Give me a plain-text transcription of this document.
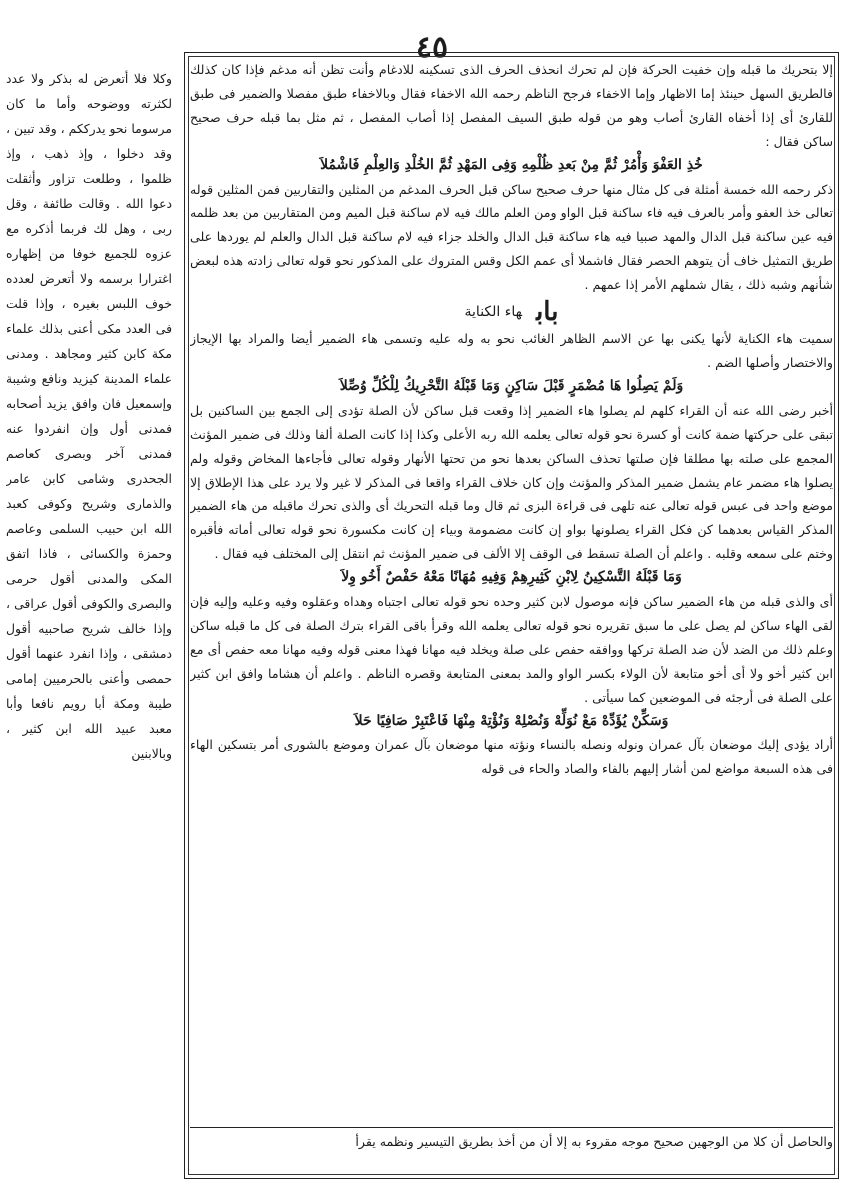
٤٥

إلا بتحريك ما قبله وإن خفيت الحركة فإن لم تحرك انحذف الحرف الذى تسكينه للادغام وأنت تظن أنه مدغم فإذا كان كذلك فالطريق السهل حينئذ إما الاظهار وإما الاخفاء فرجح الناظم رحمه الله الاخفاء فقال وبالاخفاء طبق مفصلا والضمير فى طبق للقارئ أى إذا أخفاه القارئ أصاب وهو من قوله طبق السيف المفصل إذا أصاب المفصل ، ثم مثل بما قبله حرف صحيح ساكن فقال :

خُذِ العَفْوَ وَأْمُرْ ثُمَّ مِنْ بَعدِ ظُلْمِهِ وَفِى المَهْدِ ثُمَّ الخُلْدِ وَالعِلْمِ فَاشْمُلاَ

ذكر رحمه الله خمسة أمثلة فى كل مثال منها حرف صحيح ساكن قبل الحرف المدغم من المثلين والتقاربين فمن المثلين قوله تعالى خذ العفو وأمر بالعرف فيه فاء ساكنة قبل الواو ومن العلم مالك فيه لام ساكنة قبل الميم ومن المتقاربين من بعد ظلمه فيه عين ساكنة قبل الدال والمهد صبيا فيه هاء ساكنة قبل الدال والخلد جزاء فيه لام ساكنة قبل الدال والعلم لم يوردها على طريق التمثيل خاف أن يتوهم الحصر فقال فاشملا أى عمم الكل وقس المتروك على المذكور نحو قوله تعالى زادته هذه لبعض شأنهم وشبه ذلك ، يقال شملهم الأمر إذا عمهم .

بابهاء الكناية

سميت هاء الكناية لأنها يكنى بها عن الاسم الظاهر الغائب نحو به وله عليه وتسمى هاء الضمير أيضا والمراد بها الإيجاز والاختصار وأصلها الضم .

وَلَمْ يَصِلُوا هَا مُضْمَرٍ قَبْلَ سَاكِنٍ وَمَا قَبْلَهُ التَّحْرِيكُ لِلْكُلِّ وُصِّلاَ

أخبر رضى الله عنه أن القراء كلهم لم يصلوا هاء الضمير إذا وقعت قبل ساكن لأن الصلة تؤدى إلى الجمع بين الساكنين بل تبقى على حركتها ضمة كانت أو كسرة نحو قوله تعالى يعلمه الله ربه الأعلى وكذا إذا كانت الصلة ألفا وذلك فى ضمير المؤنث المجمع على صلته بها مطلقا فإن صلتها تحذف الساكن بعدها نحو من تحتها الأنهار وقوله تعالى فأجاءها المخاض وقوله ولم يصلوا هاء مضمر عام يشمل ضمير المذكر والمؤنث وإن كان خلاف القراء واقعا فى المذكر لا غير ولا يرد على هذا الإطلاق إلا موضع واحد فى عبس قوله تعالى عنه تلهى فى قراءة البزى ثم قال وما قبله التحريك أى والذى تحرك ماقبله من هاء الضمير المذكر القياس بعدهما كن فكل القراء يصلونها بواو إن كانت مضمومة وبياء إن كانت مكسورة نحو قوله تعالى أماته فأقبره وختم على سمعه وقلبه . واعلم أن الصلة تسقط فى الوقف إلا الألف فى ضمير المؤنث ثم انتقل إلى المختلف فيه فقال .

وَمَا قَبْلَهُ التَّسْكِينُ لِابْنِ كَثِيرِهِمْ وَفِيهِ مُهَانًا مَعْهُ حَفْصٌ أَخُو وِلاَ

أى والذى قبله من هاء الضمير ساكن فإنه موصول لابن كثير وحده نحو قوله تعالى اجتباه وهداه وعقلوه وفيه وعليه وإليه فإن لقى الهاء ساكن لم يصل على ما سبق تقريره نحو قوله تعالى يعلمه الله وقرأ باقى القراء بترك الصلة فى كل ما قبله ساكن وعلم ذلك من الضد لأن ضد الصلة تركها ووافقه حفص على صلة ويخلد فيه مهانا فهذا معنى قوله وفيه مهانا معه حفص أى مع ابن كثير أخو ولا أى أخو متابعة لأن الولاء بكسر الواو والمد بمعنى المتابعة وقصره الناظم . واعلم أن هشاما وافق ابن كثير على الصلة فى أرجئه فى الموضعين كما سيأتى .

وَسَكِّنْ يُؤَدِّهْ مَعْ نُوَلِّهْ وَنُصْلِهْ وَنُؤْتِهْ مِنْهَا فَاعْتَبِرْ صَافِيًا حَلاَ

أراد يؤدى إليك موضعان بآل عمران ونوله ونصله بالنساء ونؤته منها موضعان بآل عمران وموضع بالشورى أمر بتسكين الهاء فى هذه السبعة مواضع لمن أشار إليهم بالفاء والصاد والحاء فى قوله

والحاصل أن كلا من الوجهين صحيح موجه مقروء به إلا أن من أخذ بطريق التيسير ونظمه يقرأ

وكلا فلا أتعرض له بذكر ولا عدد لكثرته ووضوحه وأما ما كان مرسوما نحو يدرككم ، وقد تبين ، وقد دخلوا ، وإذ ذهب ، وإذ ظلموا ، وطلعت تزاور وأثقلت دعوا الله . وقالت طائفة ، وقل ربى ، وهل لك فربما أذكره مع عزوه للجميع خوفا من إظهاره اغترارا برسمه ولا أتعرض لعدده خوف اللبس بغيره ، وإذا قلت فى العدد مكى أعنى بذلك علماء مكة كابن كثير ومجاهد . ومدنى علماء المدينة كيزيد ونافع وشيبة وإسمعيل فان وافق يزيد أصحابه فمدنى أول وإن انفردوا عنه فمدنى آخر وبصرى كعاصم الجحدرى وشامى كابن عامر والذمارى وشريح وكوفى كعبد الله ابن حبيب السلمى وعاصم وحمزة والكسائى ، فاذا اتفق المكى والمدنى أقول حرمى والبصرى والكوفى أقول عراقى ، وإذا خالف شريح صاحبيه أقول دمشقى ، وإذا انفرد عنهما أقول حمصى وأعنى بالحرميين إمامى طيبة ومكة أبا رويم نافعا وأبا معبد عبيد الله ابن كثير ، وبالابنين
